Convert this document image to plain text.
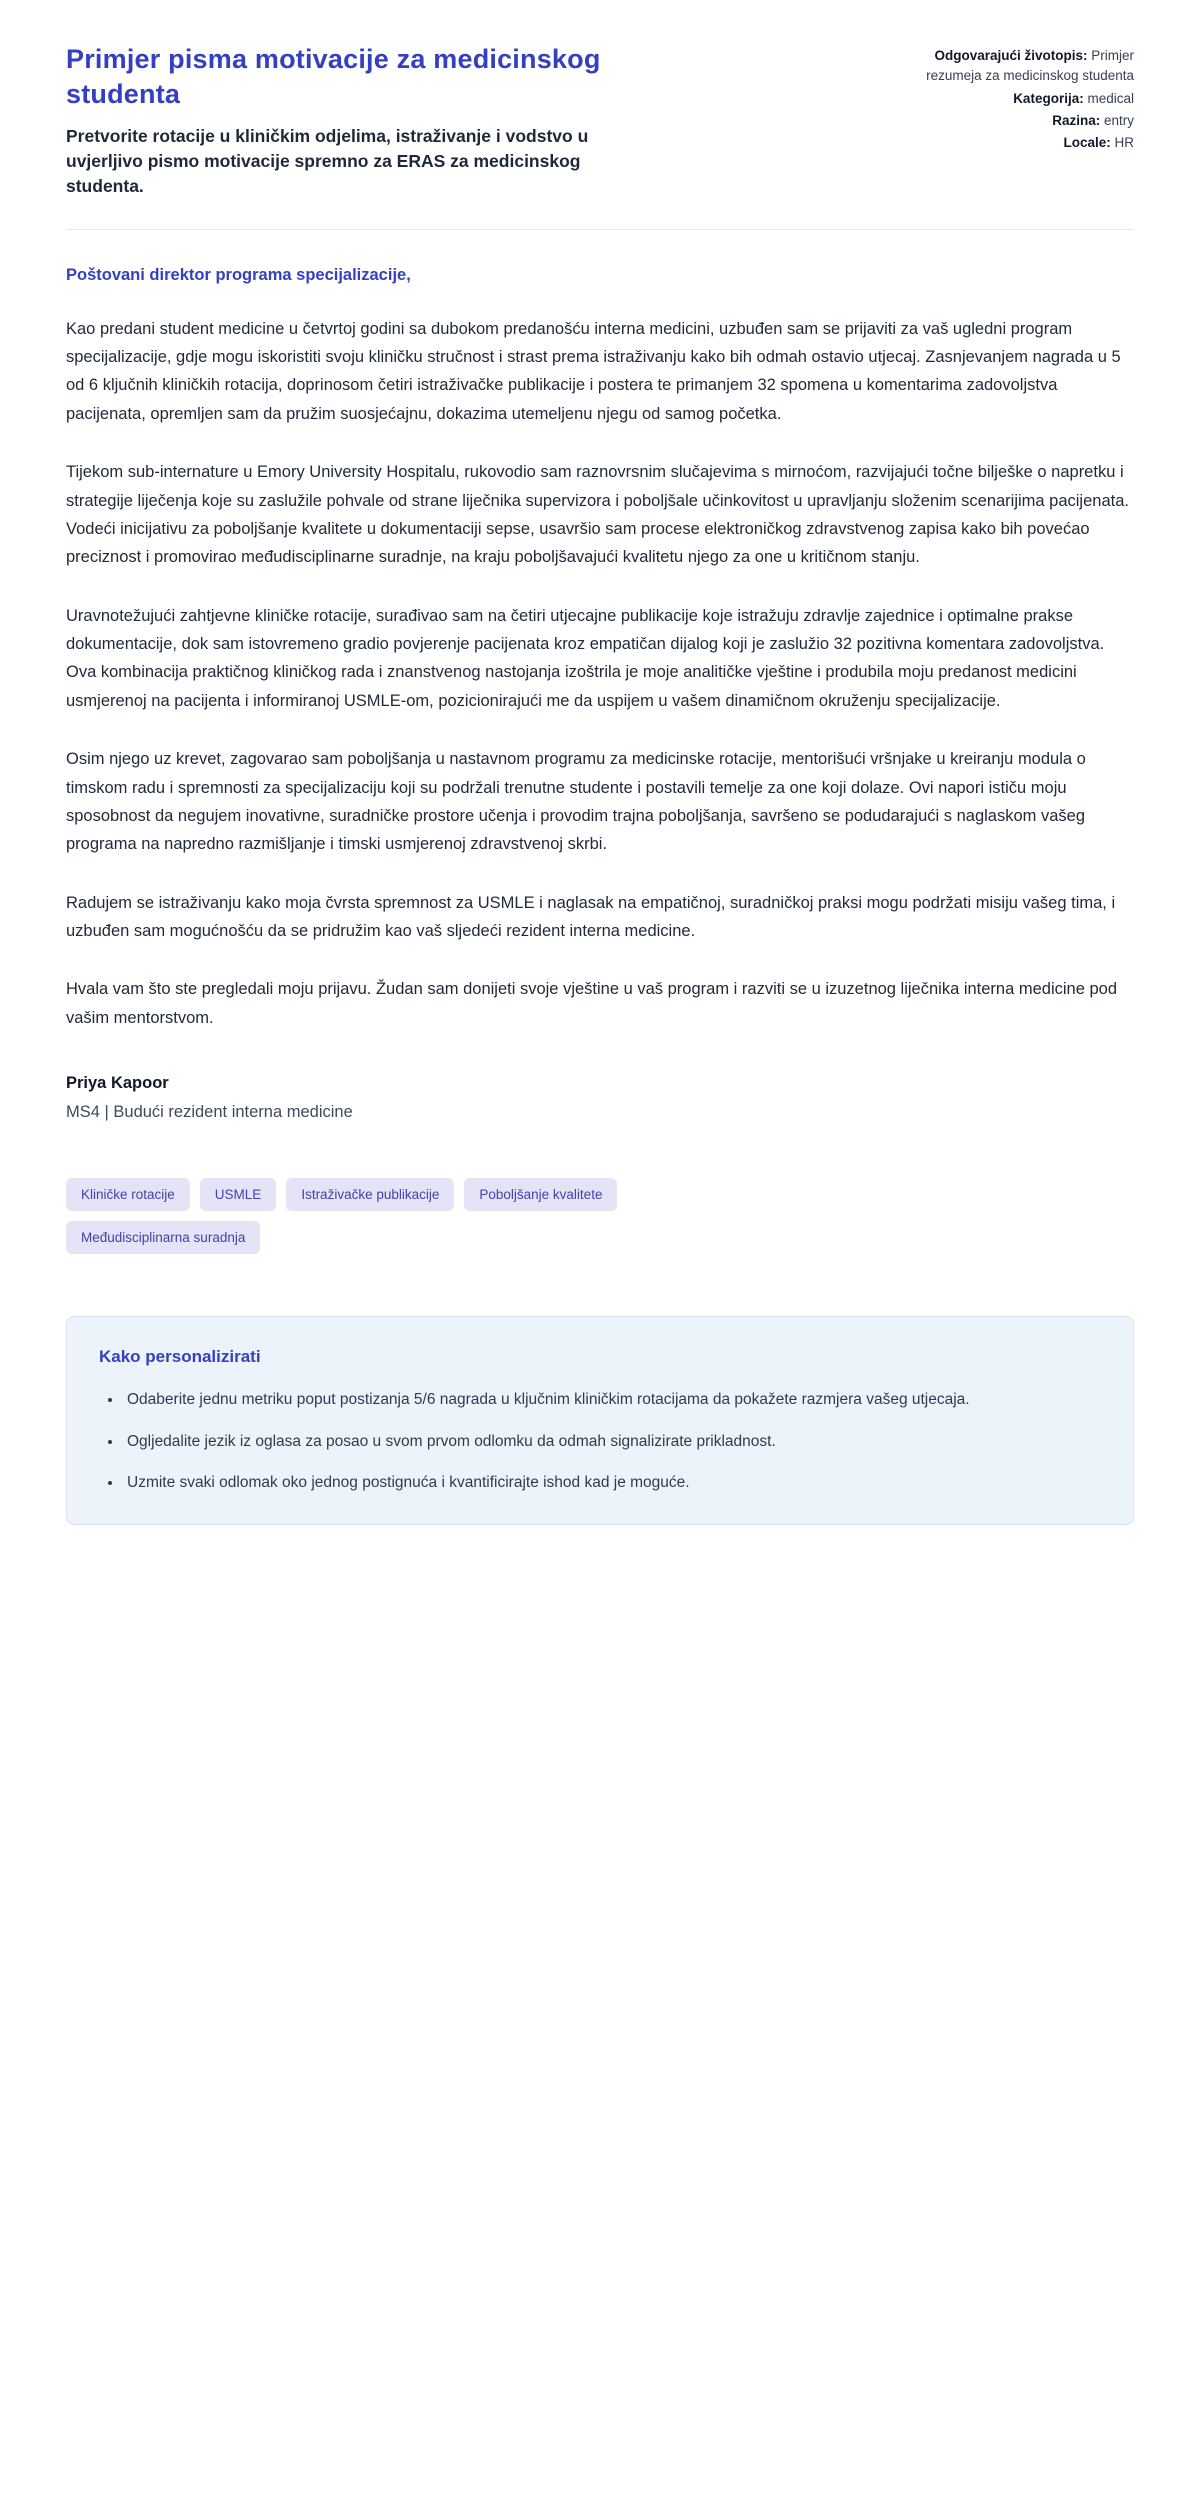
Primjer pisma motivacije za medicinskog studenta

Pretvorite rotacije u kliničkim odjelima, istraživanje i vodstvo u uvjerljivo pismo motivacije spremno za ERAS za medicinskog studenta.

Odgovarajući životopis: Primjer rezumeja za medicinskog studenta
Kategorija: medical
Razina: entry
Locale: HR

Poštovani direktor programa specijalizacije,

Kao predani student medicine u četvrtoj godini sa dubokom predanošću interna medicini, uzbuđen sam se prijaviti za vaš ugledni program specijalizacije, gdje mogu iskoristiti svoju kliničku stručnost i strast prema istraživanju kako bih odmah ostavio utjecaj. Zasnjevanjem nagrada u 5 od 6 ključnih kliničkih rotacija, doprinosom četiri istraživačke publikacije i postera te primanjem 32 spomena u komentarima zadovoljstva pacijenata, opremljen sam da pružim suosjećajnu, dokazima utemeljenu njegu od samog početka.

Tijekom sub-internature u Emory University Hospitalu, rukovodio sam raznovrsnim slučajevima s mirnoćom, razvijajući točne bilješke o napretku i strategije liječenja koje su zaslužile pohvale od strane liječnika supervizora i poboljšale učinkovitost u upravljanju složenim scenarijima pacijenata. Vodeći inicijativu za poboljšanje kvalitete u dokumentaciji sepse, usavršio sam procese elektroničkog zdravstvenog zapisa kako bih povećao preciznost i promovirao međudisciplinarne suradnje, na kraju poboljšavajući kvalitetu njego za one u kritičnom stanju.

Uravnotežujući zahtjevne kliničke rotacije, surađivao sam na četiri utjecajne publikacije koje istražuju zdravlje zajednice i optimalne prakse dokumentacije, dok sam istovremeno gradio povjerenje pacijenata kroz empatičan dijalog koji je zaslužio 32 pozitivna komentara zadovoljstva. Ova kombinacija praktičnog kliničkog rada i znanstvenog nastojanja izoštrila je moje analitičke vještine i produbila moju predanost medicini usmjerenoj na pacijenta i informiranoj USMLE-om, pozicionirajući me da uspijem u vašem dinamičnom okruženju specijalizacije.

Osim njego uz krevet, zagovarao sam poboljšanja u nastavnom programu za medicinske rotacije, mentorišući vršnjake u kreiranju modula o timskom radu i spremnosti za specijalizaciju koji su podržali trenutne studente i postavili temelje za one koji dolaze. Ovi napori ističu moju sposobnost da negujem inovativne, suradničke prostore učenja i provodim trajna poboljšanja, savršeno se podudarajući s naglaskom vašeg programa na napredno razmišljanje i timski usmjerenoj zdravstvenoj skrbi.

Radujem se istraživanju kako moja čvrsta spremnost za USMLE i naglasak na empatičnoj, suradničkoj praksi mogu podržati misiju vašeg tima, i uzbuđen sam mogućnošću da se pridružim kao vaš sljedeći rezident interna medicine.

Hvala vam što ste pregledali moju prijavu. Žudan sam donijeti svoje vještine u vaš program i razviti se u izuzetnog liječnika interna medicine pod vašim mentorstvom.

Priya Kapoor

MS4 | Budući rezident interna medicine

Kliničke rotacije	USMLE	Istraživačke publikacije	Poboljšanje kvalitete
Međudisciplinarna suradnja
Kako personalizirati
• Odaberite jednu metriku poput postizanja 5/6 nagrada u ključnim kliničkim rotacijama da pokažete razmjera vašeg utjecaja.
• Ogljedalite jezik iz oglasa za posao u svom prvom odlomku da odmah signalizirate prikladnost.
• Uzmite svaki odlomak oko jednog postignuća i kvantificirajte ishod kad je moguće.
